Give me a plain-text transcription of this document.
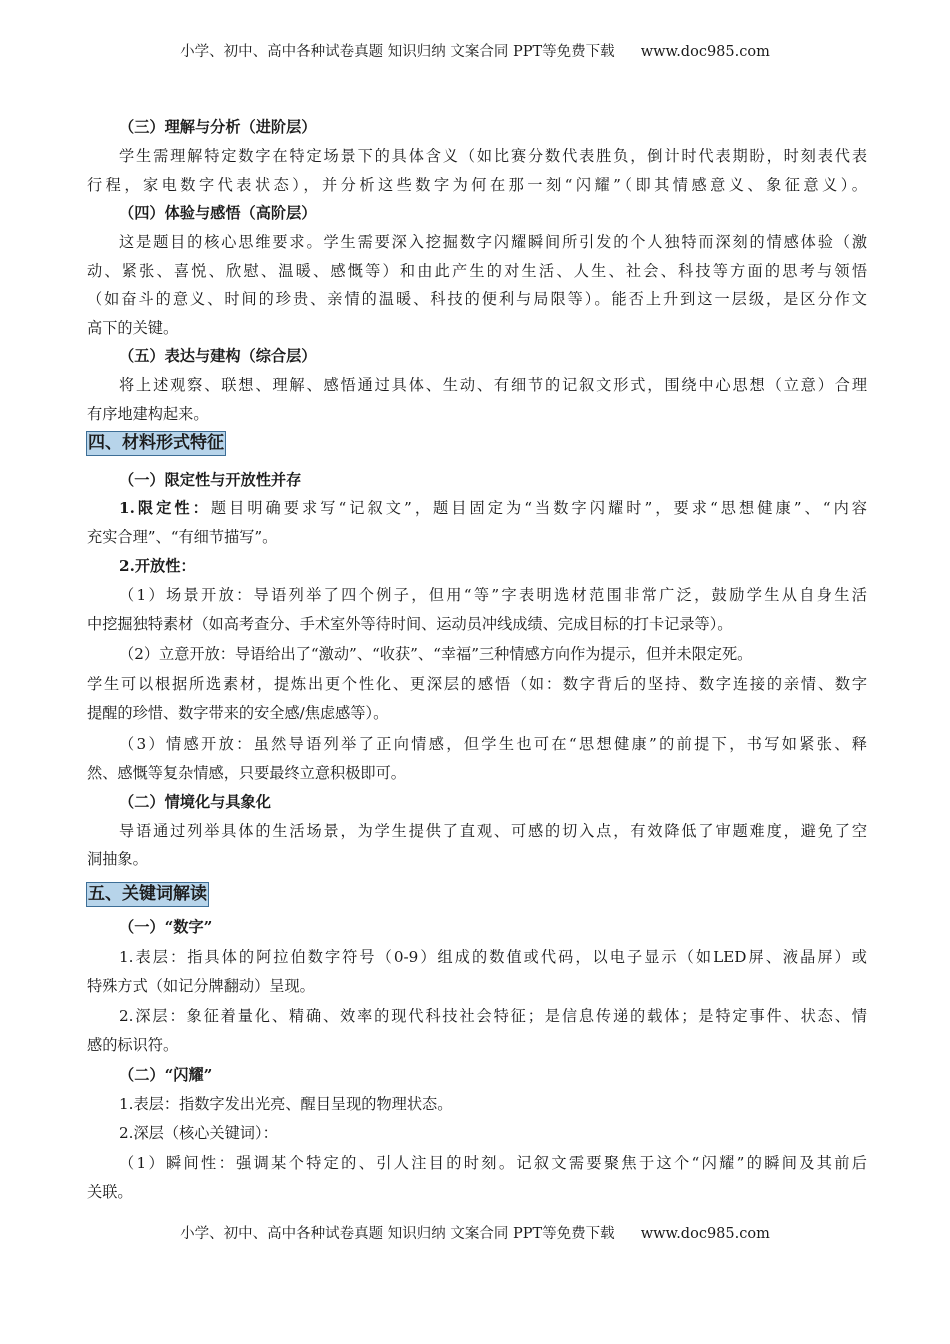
小学、初中、高中各种试卷真题 知识归纳 文案合同 PPT等免费下载 www.doc985.com
（三）理解与分析（进阶层）
学生需理解特定数字在特定场景下的具体含义（如比赛分数代表胜负，倒计时代表期盼，时刻表代表
行程，家电数字代表状态），并分析这些数字为何在那一刻“闪耀”（即其情感意义、象征意义）。
（四）体验与感悟（高阶层）
这是题目的核心思维要求。学生需要深入挖掘数字闪耀瞬间所引发的个人独特而深刻的情感体验（激
动、紧张、喜悦、欣慰、温暖、感慨等）和由此产生的对生活、人生、社会、科技等方面的思考与领悟
（如奋斗的意义、时间的珍贵、亲情的温暖、科技的便利与局限等）。能否上升到这一层级，是区分作文
高下的关键。
（五）表达与建构（综合层）
将上述观察、联想、理解、感悟通过具体、生动、有细节的记叙文形式，围绕中心思想（立意）合理
有序地建构起来。
四、材料形式特征
（一）限定性与开放性并存
1.限定性：题目明确要求写“记叙文”，题目固定为“当数字闪耀时”，要求“思想健康”、“内容
充实合理”、“有细节描写”。
2.开放性：
（1）场景开放：导语列举了四个例子，但用“等”字表明选材范围非常广泛，鼓励学生从自身生活
中挖掘独特素材（如高考查分、手术室外等待时间、运动员冲线成绩、完成目标的打卡记录等）。
（2）立意开放：导语给出了“激动”、“收获”、“幸福”三种情感方向作为提示，但并未限定死。
学生可以根据所选素材，提炼出更个性化、更深层的感悟（如：数字背后的坚持、数字连接的亲情、数字
提醒的珍惜、数字带来的安全感/焦虑感等）。
（3）情感开放：虽然导语列举了正向情感，但学生也可在“思想健康”的前提下，书写如紧张、释
然、感慨等复杂情感，只要最终立意积极即可。
（二）情境化与具象化
导语通过列举具体的生活场景，为学生提供了直观、可感的切入点，有效降低了审题难度，避免了空
洞抽象。
五、关键词解读
（一）“数字”
1.表层：指具体的阿拉伯数字符号（0-9）组成的数值或代码，以电子显示（如LED屏、液晶屏）或
特殊方式（如记分牌翻动）呈现。
2.深层：象征着量化、精确、效率的现代科技社会特征；是信息传递的载体；是特定事件、状态、情
感的标识符。
（二）“闪耀”
1.表层：指数字发出光亮、醒目呈现的物理状态。
2.深层（核心关键词）：
（1）瞬间性：强调某个特定的、引人注目的时刻。记叙文需要聚焦于这个“闪耀”的瞬间及其前后
关联。
小学、初中、高中各种试卷真题 知识归纳 文案合同 PPT等免费下载 www.doc985.com
